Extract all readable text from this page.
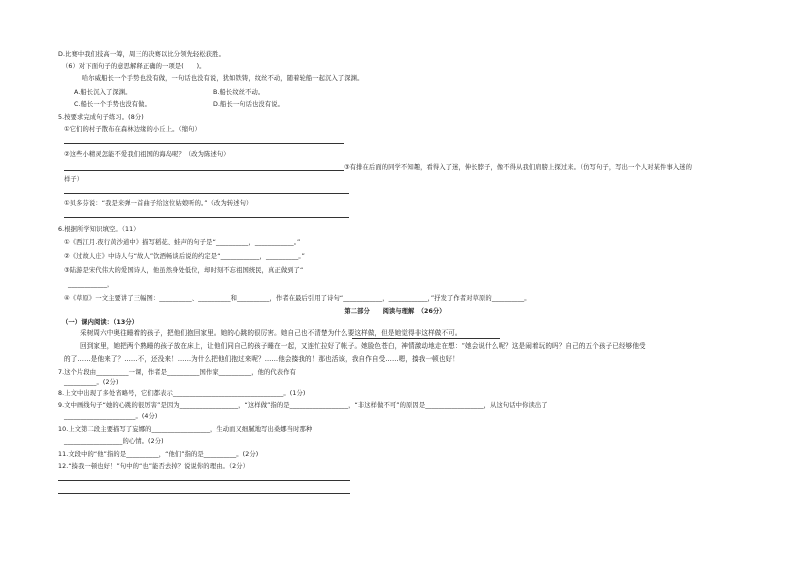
D.比赛中我们技高一筹，周三的决赛以比分领先轻松获胜。
（6）对下面句子的意思解释正确的一项是(　　)。
哈尔威船长一个手势也没有做，一句话也没有说，犹如铁铸，纹丝不动，随着轮船一起沉入了深渊。
A.船长沉入了深渊。	B.船长纹丝不动。
C.船长一个手势也没有做。	D.船长一句话也没有说。
5.按要求完成句子练习。(8分)
①它们的村子散布在森林边缘的小丘上。（缩句）
②这些小精灵怎能不爱我们祖国的海岛呢？（改为陈述句）
③有排在后面的同学不知趣，看得入了迷，伸长脖子，像不得从我们肩膀上探过来。（仿写句子，写出一个人对某件事入迷的
样子）
①贝多芬说：“我是来弹一首曲子给这位姑娘听的。”（改为转述句）
6.根据所学知识填空。（11）
①《西江月.夜行黄沙道中》描写稻花、蛙声的句子是“__________，____________。”
②《过故人庄》中诗人与“故人”饮酒畅谈后说的约定是“____________，__________。”
③陆游是宋代伟大的爱国诗人，他虽然身处低位，却时刻不忘祖国统民，真正做到了“
____________，
④《草原》一文主要讲了三幅图：__________、__________和__________，作者在最后引用了诗句“____________，____________，”抒发了作者对草原的__________。
第二部分　　阅读与理解　（26分）
（一）课内阅读：（13分）
采树周六中奥往睡着的孩子，把他们抱回家里。她的心跳的很厉害。她自己也不清楚为什么要这样做，但是她觉得非这样做不可。
回到家里，她把两个熟睡的孩子放在床上，让他们同自己的孩子睡在一起，又连忙拉好了帐子。她脸色苍白，神情激动地走在想：“她会说什么呢？这是闹着玩的吗？自己的五个孩子已经够他受
的了……是他来了？……不，还没来！……为什么把他们抱过来呢？……他会揍我的！那也活该，我自作自受……嗯，揍我一顿也好！
7.这个片段由__________一课，作者是__________国作家__________，他的代表作有
__________。(2分)
8.上文中出现了多处省略号，它们都表示__________________________________。(1分)
9.文中画线句子“她的心跳的很厉害”是因为__________________，“这样做”指的是__________________，“非这样做不可”的原因是__________________，从这句话中你读出了
______________________。(4分)
10.上文第二段主要描写了妄娜的__________________，生动而又细腻地写出桑娜当时那种
__________________的心情。(2分)
11.文段中的“他”指的是__________，“他们”指的是__________。(2分)
12.“揍我一顿也好！”句中的“也”能否去掉？说说你的理由。（2分）
